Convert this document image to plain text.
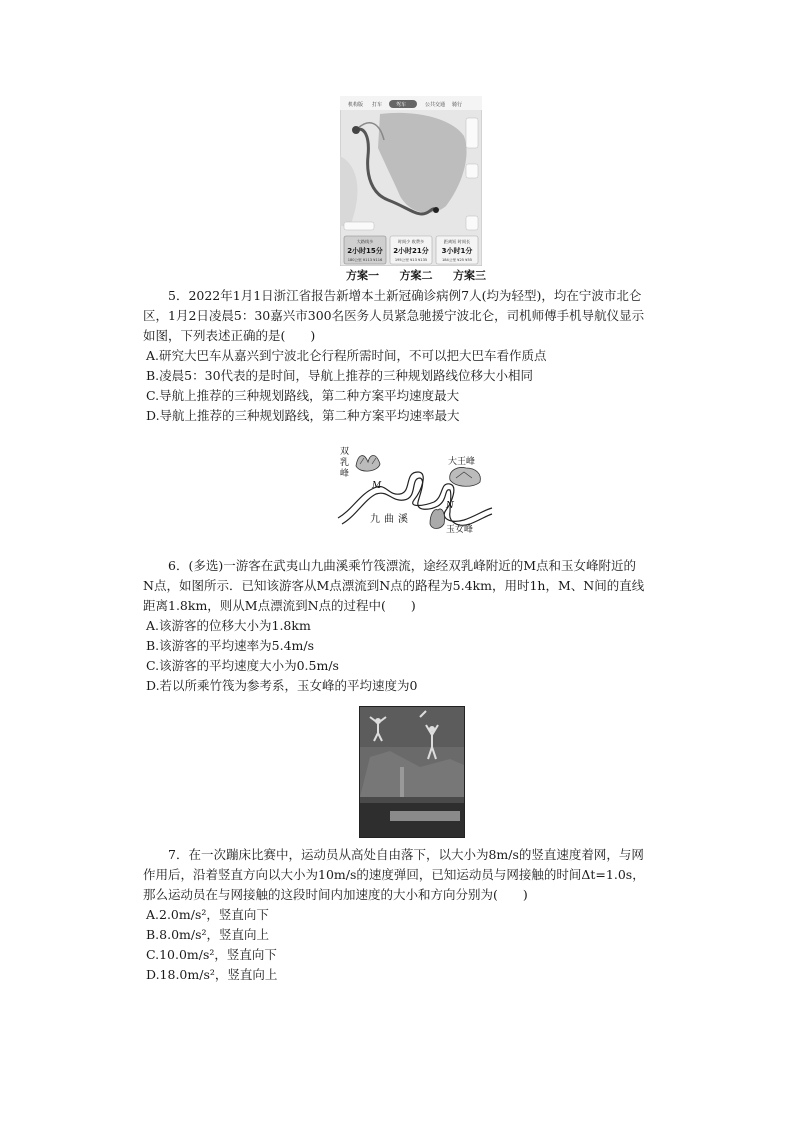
机构版 打车	驾车	公共交通 骑行
大路线多
2小时15分
180公里 ¥113 ¥116
时间少 收费多
2小时21分
195公里 ¥13 ¥135
距离短 时间长
3小时1分
184公里 ¥25 ¥55
方案一 方案二 方案三

5．2022年1月1日浙江省报告新增本土新冠确诊病例7人(均为轻型)，均在宁波市北仑区，1月2日凌晨5：30嘉兴市300名医务人员紧急驰援宁波北仑，司机师傅手机导航仪显示如图，下列表述正确的是(　　)

A.研究大巴车从嘉兴到宁波北仑行程所需时间，不可以把大巴车看作质点

B.凌晨5：30代表的是时间，导航上推荐的三种规划路线位移大小相同

C.导航上推荐的三种规划路线，第二种方案平均速度最大

D.导航上推荐的三种规划路线，第二种方案平均速率最大

双
乳
峰
M
大王峰
N
玉女峰
九曲溪

6．(多选)一游客在武夷山九曲溪乘竹筏漂流，途经双乳峰附近的M点和玉女峰附近的N点，如图所示．已知该游客从M点漂流到N点的路程为5.4km，用时1h，M、N间的直线距离1.8km，则从M点漂流到N点的过程中(　　)

A.该游客的位移大小为1.8km

B.该游客的平均速率为5.4m/s

C.该游客的平均速度大小为0.5m/s

D.若以所乘竹筏为参考系，玉女峰的平均速度为0

7．在一次蹦床比赛中，运动员从高处自由落下，以大小为8m/s的竖直速度着网，与网作用后，沿着竖直方向以大小为10m/s的速度弹回，已知运动员与网接触的时间Δt=1.0s，那么运动员在与网接触的这段时间内加速度的大小和方向分别为(　　)

A.2.0m/s²，竖直向下

B.8.0m/s²，竖直向上

C.10.0m/s²，竖直向下

D.18.0m/s²，竖直向上
